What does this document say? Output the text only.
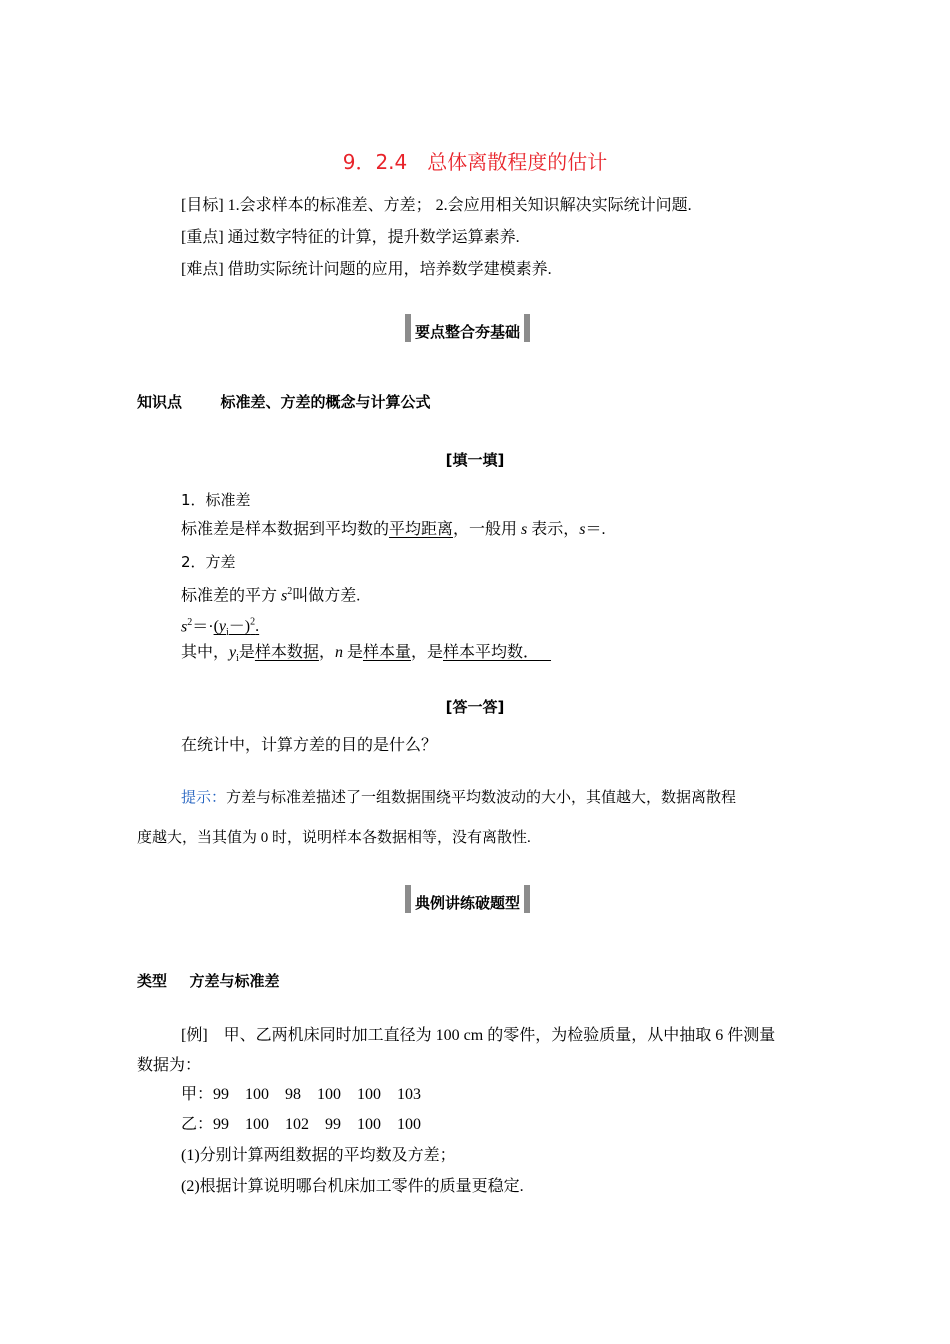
9．2.4　总体离散程度的估计
[目标] 1.会求样本的标准差、方差； 2.会应用相关知识解决实际统计问题.
[重点] 通过数字特征的计算，提升数学运算素养.
[难点] 借助实际统计问题的应用，培养数学建模素养.
要点整合夯基础
知识点	标准差、方差的概念与计算公式
[填一填]
1．标准差
标准差是样本数据到平均数的平均距离，一般用 s 表示，s＝.
2．方差
标准差的平方 $s^2$叫做方差.
$s^2=\cdot(y_i-)^2$.
其中，$y_i$是样本数据，n 是样本量，是样本平均数．
[答一答]
在统计中，计算方差的目的是什么？
提示：方差与标准差描述了一组数据围绕平均数波动的大小，其值越大，数据离散程
度越大，当其值为 0 时，说明样本各数据相等，没有离散性.
典例讲练破题型
类型 方差与标准差
[例]　甲、乙两机床同时加工直径为 100 cm 的零件，为检验质量，从中抽取 6 件测量
数据为：
甲：99　100　98　100　100　103
乙：99　100　102　99　100　100
(1)分别计算两组数据的平均数及方差；
(2)根据计算说明哪台机床加工零件的质量更稳定.
